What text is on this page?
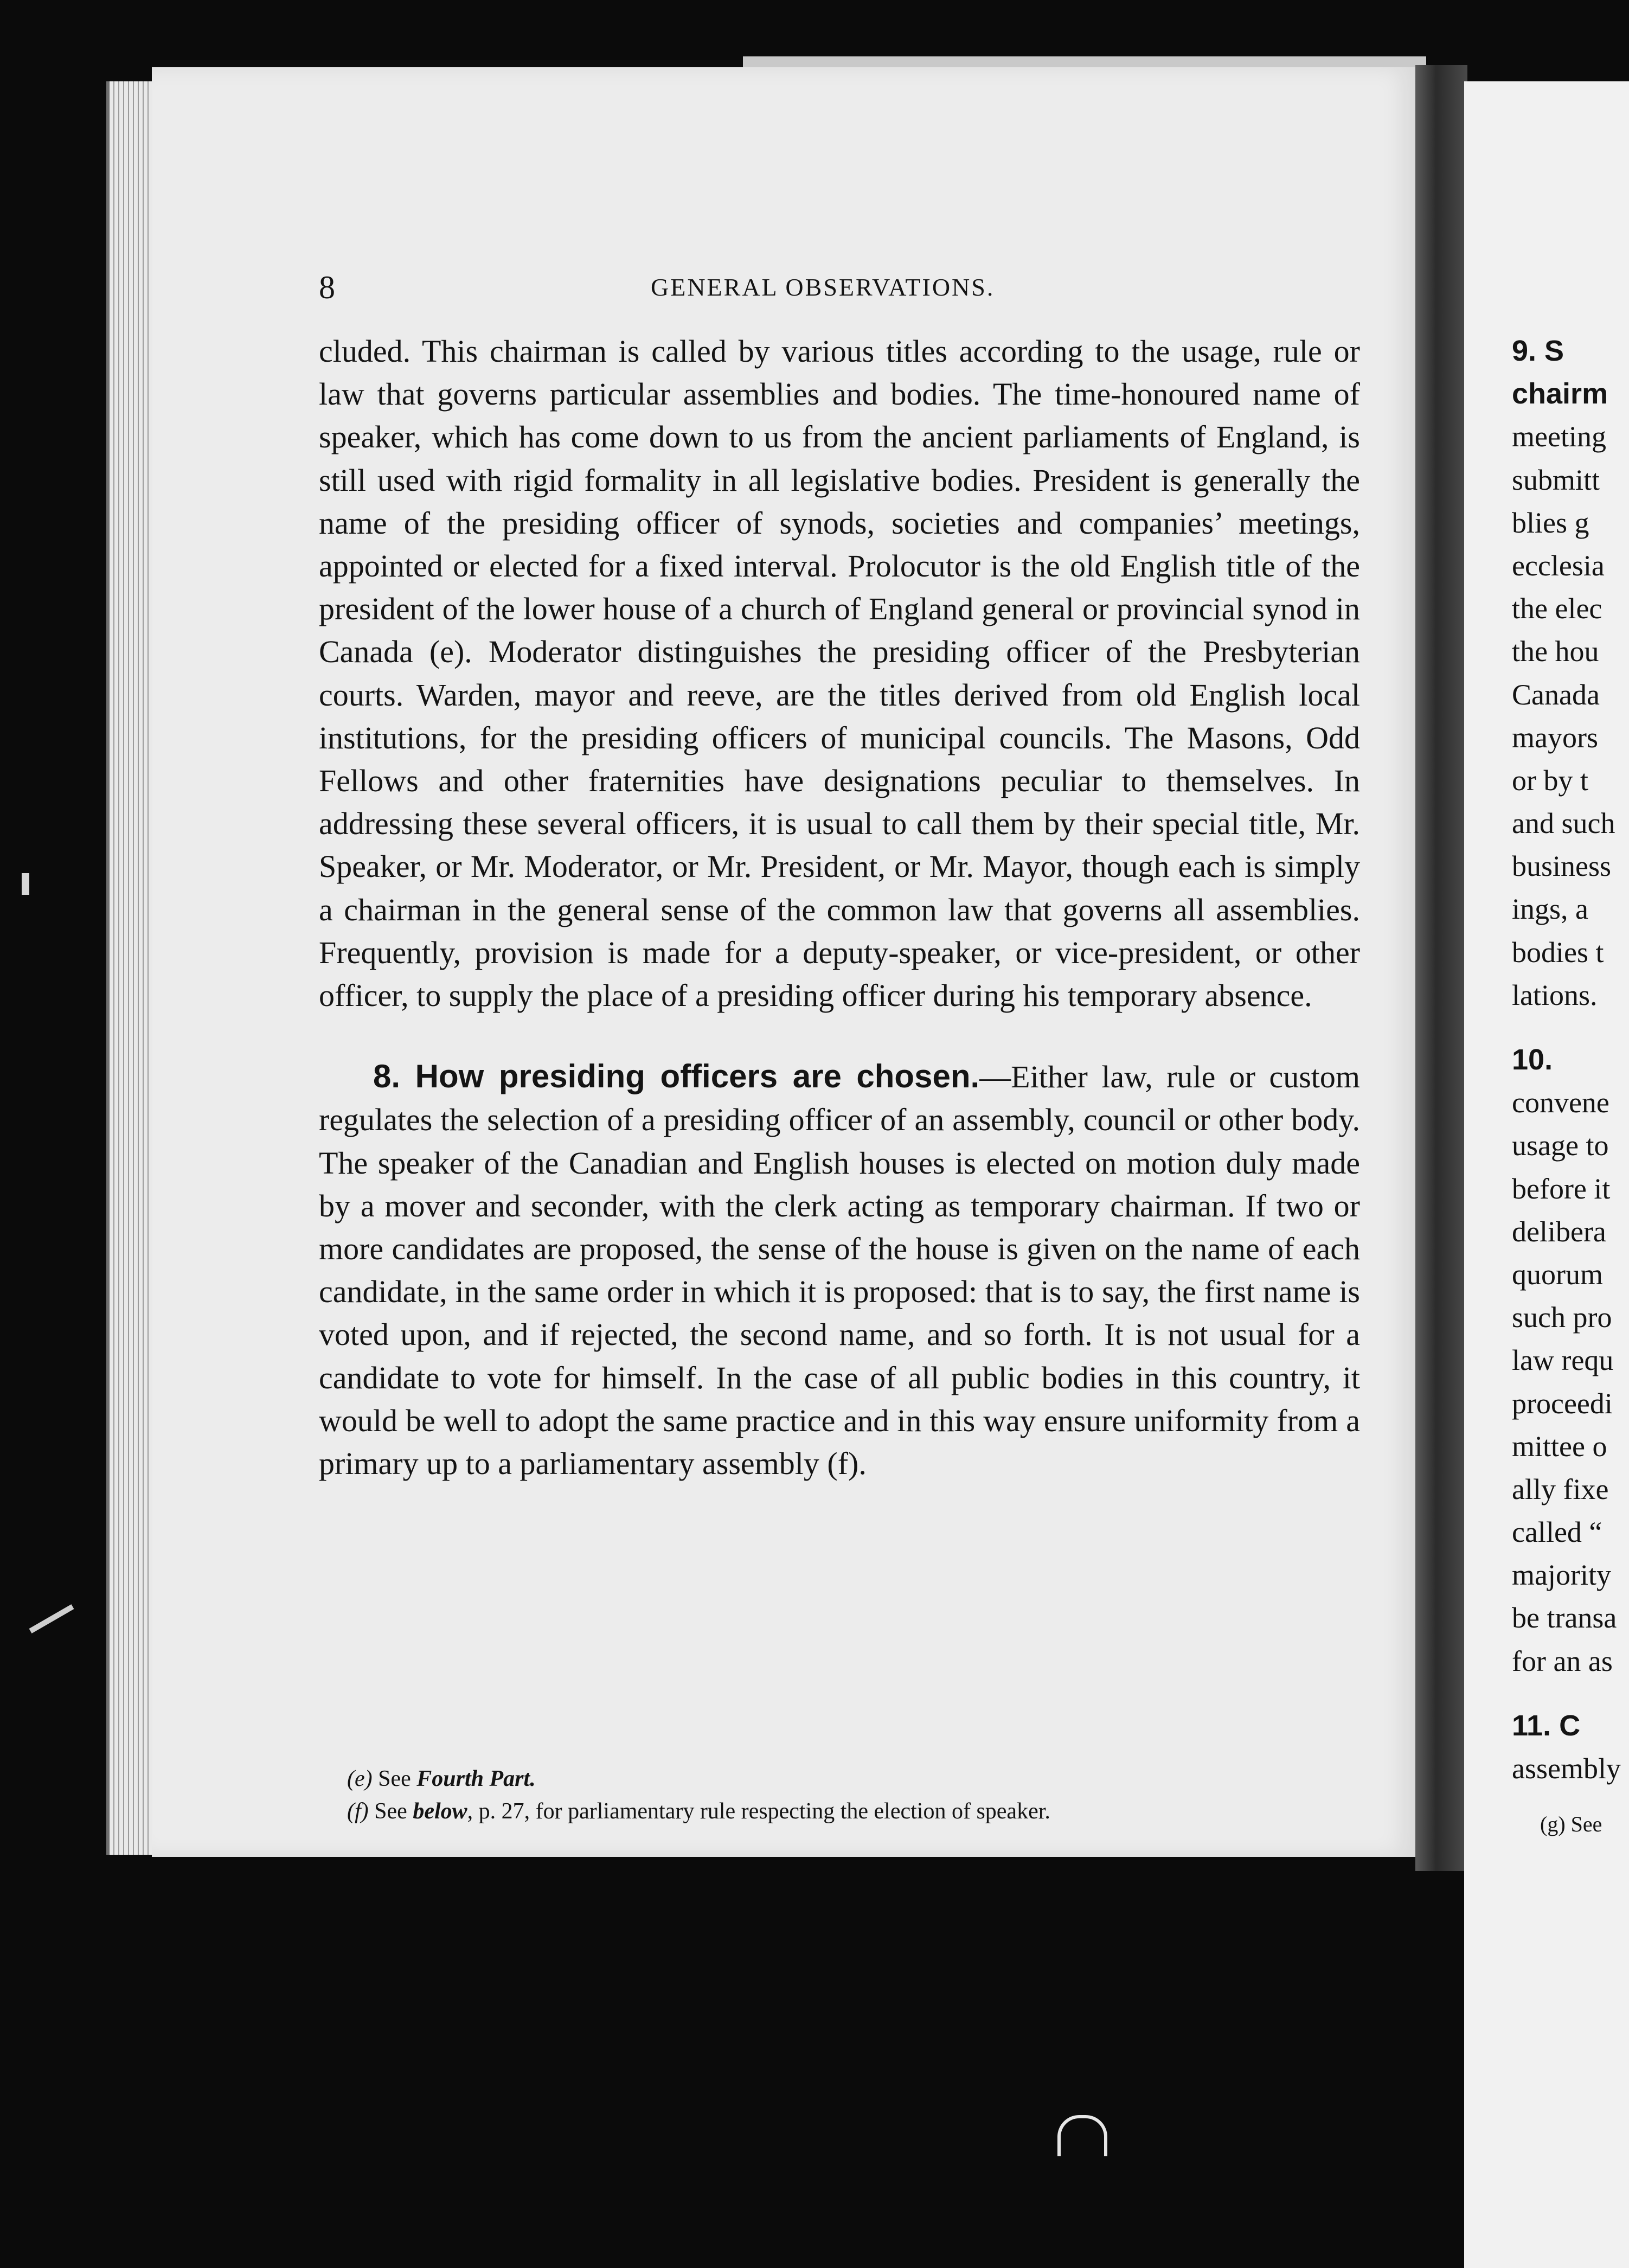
8	GENERAL OBSERVATIONS.

cluded. This chairman is called by various titles according to the usage, rule or law that governs particular assemblies and bodies. The time-honoured name of speaker, which has come down to us from the ancient parliaments of England, is still used with rigid formality in all legislative bodies. President is generally the name of the presiding officer of synods, societies and companies’ meetings, appointed or elected for a fixed interval. Prolocutor is the old English title of the president of the lower house of a church of England general or provincial synod in Canada (e). Moderator distinguishes the presiding officer of the Presbyterian courts. Warden, mayor and reeve, are the titles derived from old English local institutions, for the presiding officers of municipal councils. The Masons, Odd Fellows and other fraternities have designations peculiar to themselves. In addressing these several officers, it is usual to call them by their special title, Mr. Speaker, or Mr. Moderator, or Mr. President, or Mr. Mayor, though each is simply a chairman in the general sense of the common law that governs all assemblies. Frequently, provision is made for a deputy-speaker, or vice-president, or other officer, to supply the place of a presiding officer during his temporary absence.

8. How presiding officers are chosen.—Either law, rule or custom regulates the selection of a presiding officer of an assembly, council or other body. The speaker of the Canadian and English houses is elected on motion duly made by a mover and seconder, with the clerk acting as temporary chairman. If two or more candidates are proposed, the sense of the house is given on the name of each candidate, in the same order in which it is proposed: that is to say, the first name is voted upon, and if rejected, the second name, and so forth. It is not usual for a candidate to vote for himself. In the case of all public bodies in this country, it would be well to adopt the same practice and in this way ensure uniformity from a primary up to a parliamentary assembly (f).

(e) See Fourth Part.

(f) See below, p. 27, for parliamentary rule respecting the election of speaker.

9. S
chairm
meeting
submitt
blies g
ecclesia
the elec
the hou
Canada
mayors
or by t
and such
business
ings, a
bodies t
lations.
10.
convene
usage to
before it
delibera
quorum
such pro
law requ
proceedi
mittee o
ally fixe
called “
majority
be transa
for an as
11. C
assembly
(g) See
